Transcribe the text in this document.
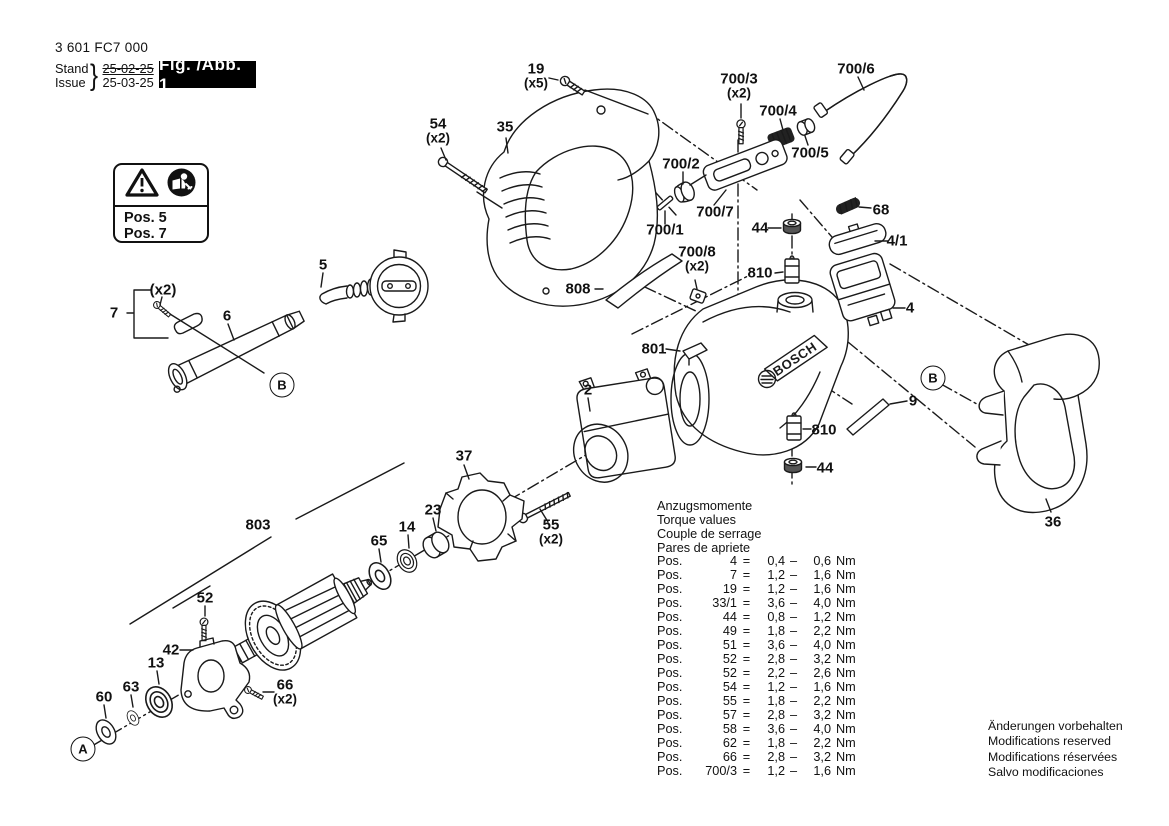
BOSCH
3 601 FC7 000
Stand
Issue } 25-02-25
25-03-25
Fig. /Abb. 1
Pos. 5
Pos. 7
19
(x5)
35
54
(x2)
700/3
(x2)
700/4
700/6
700/5
700/2
700/7
700/1
68
44
810
4/1
700/8
(x2)
808
801
4
9
810
44
36
5
6
7
(x2)
2
37
23
14
65
55
(x2)
803
52
42
13
63
60
66
(x2)
B	B
A
Anzugsmomente
Torque values
Couple de serrage
Pares de apriete
Pos.	4 =	0,4 –	0,6 Nm
Pos.	7 =	1,2 –	1,6 Nm
Pos.	19 =	1,2 –	1,6 Nm
Pos.	33/1 =	3,6 –	4,0 Nm
Pos.	44 =	0,8 –	1,2 Nm
Pos.	49 =	1,8 –	2,2 Nm
Pos.	51 =	3,6 –	4,0 Nm
Pos.	52 =	2,8 –	3,2 Nm
Pos.	52 =	2,2 –	2,6 Nm
Pos.	54 =	1,2 –	1,6 Nm
Pos.	55 =	1,8 –	2,2 Nm
Pos.	57 =	2,8 –	3,2 Nm
Pos.	58 =	3,6 –	4,0 Nm
Pos.	62 =	1,8 –	2,2 Nm
Pos.	66 =	2,8 –	3,2 Nm
Pos.	700/3 =	1,2 –	1,6 Nm
Änderungen vorbehalten
Modifications reserved
Modifications réservées
Salvo modificaciones
